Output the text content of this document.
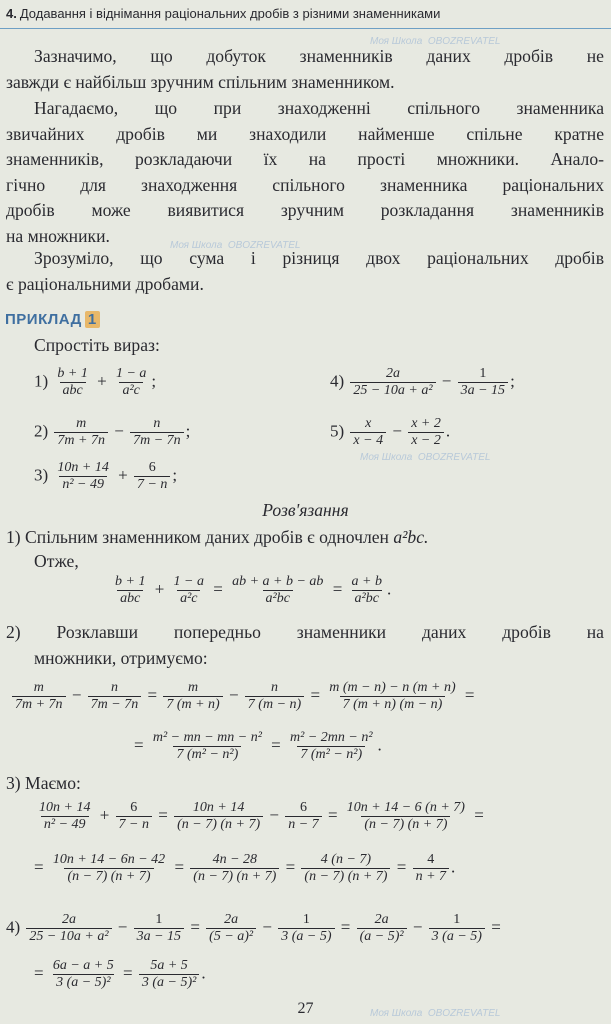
4. Додавання і віднімання раціональних дробів з різними знаменниками
Зазначимо, що добуток знаменників даних дробів не
завжди є найбільш зручним спільним знаменником.
Нагадаємо, що при знаходженні спільного знаменника
звичайних дробів ми знаходили найменше спільне кратне
знаменників, розкладаючи їх на прості множники. Анало-
гічно для знаходження спільного знаменника раціональних
дробів може виявитися зручним розкладання знаменників
на множники.
Зрозуміло, що сума і різниця двох раціональних дробів
є раціональними дробами.
ПРИКЛАД 1
Спростіть вираз:
$1) \frac{b + 1}{\text{abc}} + \frac{1 - a}{\text{a²c}}$ ;	$4) \frac{2a}{\text{25 − 10a + a²}} - \frac{1}{3a - 15}$ ;
$2) \frac{m}{7m + 7n} - \frac{n}{7m - 7n}$ ;	$5) \frac{x}{x - 4} - \frac{x + 2}{x - 2}$ .
$3) \frac{10n + 14}{\text{n² − 49}} + \frac{6}{7 - n}$ ;
Розв'язання
1) Спільним знаменником даних дробів є одночлен a²bc.
Отже,
$\frac{b + 1}{\text{abc}} + \frac{1 - a}{\text{a²c}} = \frac{ab + a + b - ab}{\text{a²bc}} = \frac{a + b}{\text{a²bc}}$ .
2) Розклавши попередньо знаменники даних дробів на
множники, отримуємо:
$\frac{m}{7m + 7n} - \frac{n}{7m - 7n} = \frac{m}{7 (m + n)} - \frac{n}{7 (m - n)} = \frac{m (m - n) - n (m + n)}{7 (m + n) (m - n)}$ =
= $\frac{\text{m² − mn − mn − n²}}{\text{7 (m² − n²)}} = \frac{\text{m² − 2mn − n²}}{\text{7 (m² − n²)}}$ .
3) Маємо:
$\frac{10n + 14}{\text{n² − 49}} + \frac{6}{7 - n} = \frac{10n + 14}{(n - 7) (n + 7)} - \frac{6}{n - 7} = \frac{10n + 14 - 6 (n + 7)}{(n - 7) (n + 7)}$ =
= $\frac{10n + 14 - 6n - 42}{(n - 7) (n + 7)} = \frac{4n - 28}{(n - 7) (n + 7)} = \frac{4 (n - 7)}{(n - 7) (n + 7)} = \frac{4}{n + 7}$ .
$4) \frac{2a}{\text{25 − 10a + a²}} - \frac{1}{3a - 15} = \frac{2a}{\text{(5 − a)²}} - \frac{1}{3 (a - 5)} = \frac{2a}{\text{(a − 5)²}} - \frac{1}{3 (a - 5)}$ =
= $\frac{6a - a + 5}{\text{3 (a − 5)²}} = \frac{5a + 5}{\text{3 (a − 5)²}}$ .
27
Моя Школа OBOZREVATEL
Моя Школа OBOZREVATEL
Моя Школа OBOZREVATEL
Моя Школа OBOZREVATEL
